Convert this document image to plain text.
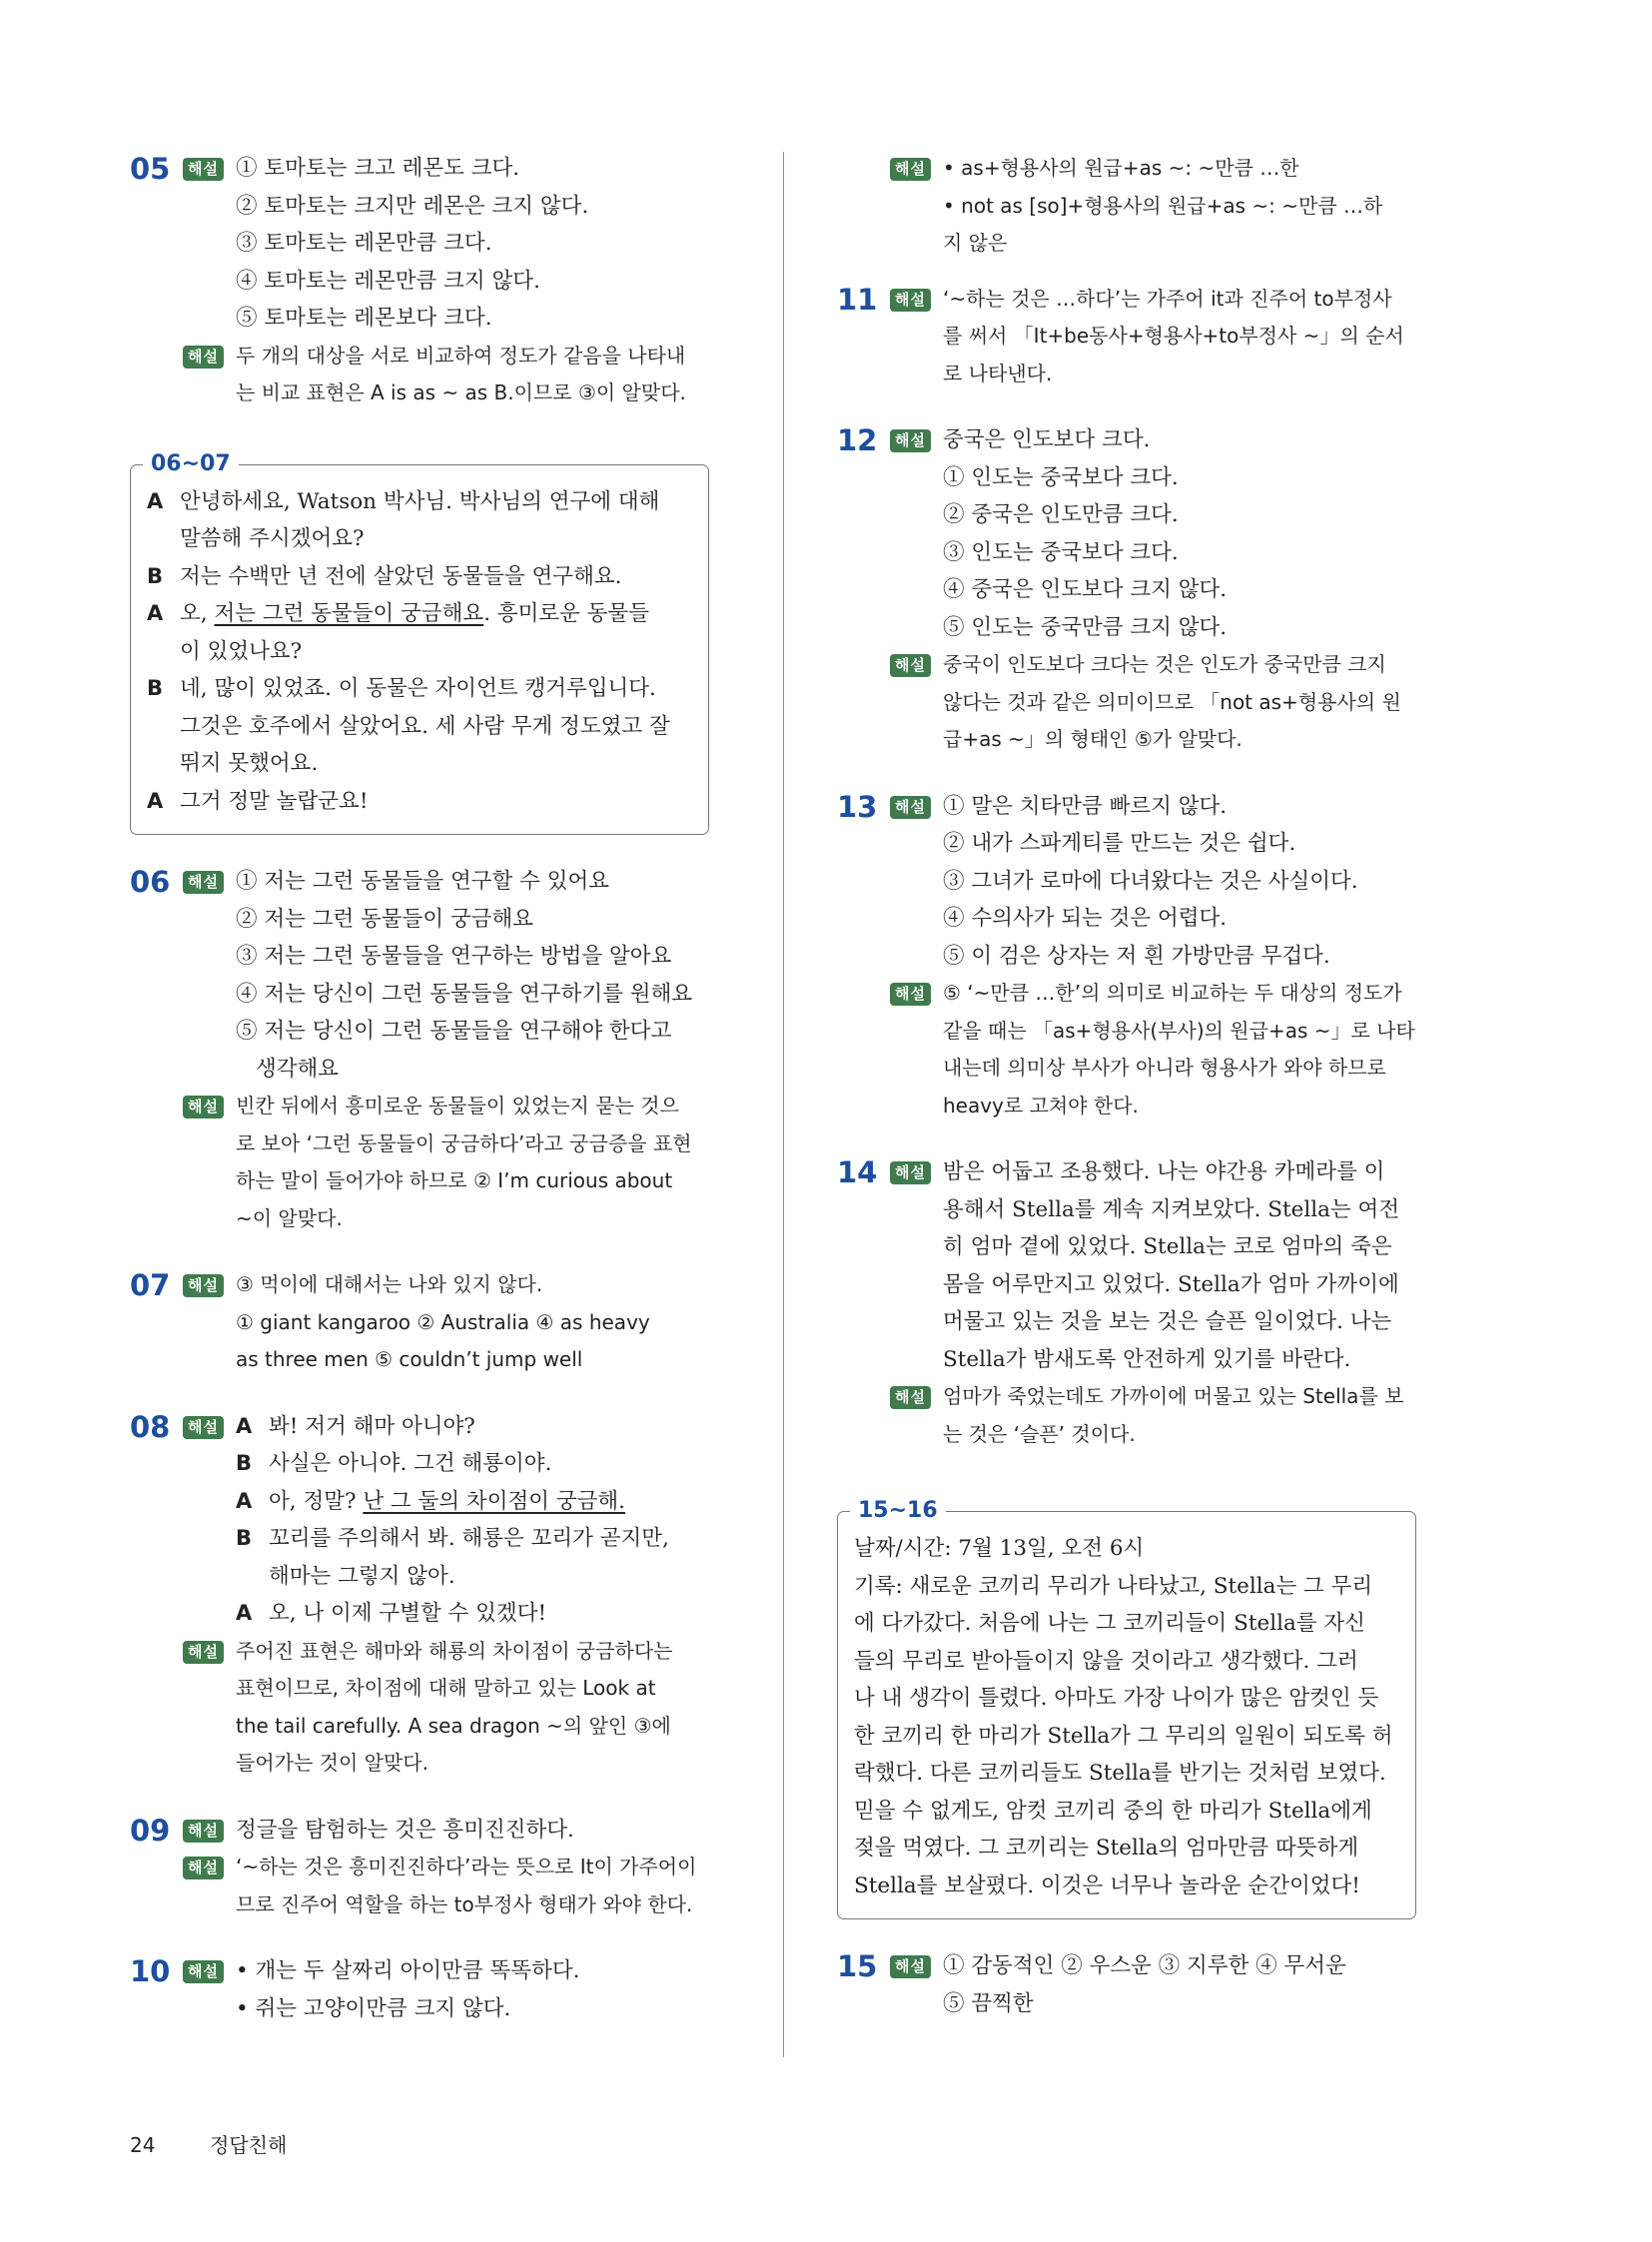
05	해설 ① 토마토는 크고 레몬도 크다.
② 토마토는 크지만 레몬은 크지 않다.
③ 토마토는 레몬만큼 크다.
④ 토마토는 레몬만큼 크지 않다.
⑤ 토마토는 레몬보다 크다.
해설 두 개의 대상을 서로 비교하여 정도가 같음을 나타내
는 비교 표현은 A is as ~ as B.이므로 ③이 알맞다.
06~07
A 안녕하세요, Watson 박사님. 박사님의 연구에 대해
말씀해 주시겠어요?
B 저는 수백만 년 전에 살았던 동물들을 연구해요.
A 오, 저는 그런 동물들이 궁금해요. 흥미로운 동물들
이 있었나요?
B 네, 많이 있었죠. 이 동물은 자이언트 캥거루입니다.
그것은 호주에서 살았어요. 세 사람 무게 정도였고 잘
뛰지 못했어요.
A 그거 정말 놀랍군요!
06	해설 ① 저는 그런 동물들을 연구할 수 있어요
② 저는 그런 동물들이 궁금해요
③ 저는 그런 동물들을 연구하는 방법을 알아요
④ 저는 당신이 그런 동물들을 연구하기를 원해요
⑤ 저는 당신이 그런 동물들을 연구해야 한다고
생각해요
해설 빈칸 뒤에서 흥미로운 동물들이 있었는지 묻는 것으
로 보아 ‘그런 동물들이 궁금하다’라고 궁금증을 표현
하는 말이 들어가야 하므로 ② I’m curious about
~이 알맞다.
07	해설 ③ 먹이에 대해서는 나와 있지 않다.
① giant kangaroo ② Australia ④ as heavy
as three men ⑤ couldn’t jump well
08	해설 A 봐! 저거 해마 아니야?
B 사실은 아니야. 그건 해룡이야.
A 아, 정말? 난 그 둘의 차이점이 궁금해.
B 꼬리를 주의해서 봐. 해룡은 꼬리가 곧지만,
해마는 그렇지 않아.
A 오, 나 이제 구별할 수 있겠다!
해설 주어진 표현은 해마와 해룡의 차이점이 궁금하다는
표현이므로, 차이점에 대해 말하고 있는 Look at
the tail carefully. A sea dragon ~의 앞인 ③에
들어가는 것이 알맞다.
09	해설 정글을 탐험하는 것은 흥미진진하다.
해설 ‘~하는 것은 흥미진진하다’라는 뜻으로 It이 가주어이
므로 진주어 역할을 하는 to부정사 형태가 와야 한다.
10	해설 • 개는 두 살짜리 아이만큼 똑똑하다.
• 쥐는 고양이만큼 크지 않다.
해설 • as+형용사의 원급+as ~: ~만큼 …한
• not as [so]+형용사의 원급+as ~: ~만큼 …하
지 않은
11	해설 ‘~하는 것은 …하다’는 가주어 it과 진주어 to부정사
를 써서 「It+be동사+형용사+to부정사 ~」의 순서
로 나타낸다.
12	해설 중국은 인도보다 크다.
① 인도는 중국보다 크다.
② 중국은 인도만큼 크다.
③ 인도는 중국보다 크다.
④ 중국은 인도보다 크지 않다.
⑤ 인도는 중국만큼 크지 않다.
해설 중국이 인도보다 크다는 것은 인도가 중국만큼 크지
않다는 것과 같은 의미이므로 「not as+형용사의 원
급+as ~」의 형태인 ⑤가 알맞다.
13	해설 ① 말은 치타만큼 빠르지 않다.
② 내가 스파게티를 만드는 것은 쉽다.
③ 그녀가 로마에 다녀왔다는 것은 사실이다.
④ 수의사가 되는 것은 어렵다.
⑤ 이 검은 상자는 저 흰 가방만큼 무겁다.
해설 ⑤ ‘~만큼 …한’의 의미로 비교하는 두 대상의 정도가
같을 때는 「as+형용사(부사)의 원급+as ~」로 나타
내는데 의미상 부사가 아니라 형용사가 와야 하므로
heavy로 고쳐야 한다.
14	해설 밤은 어둡고 조용했다. 나는 야간용 카메라를 이
용해서 Stella를 계속 지켜보았다. Stella는 여전
히 엄마 곁에 있었다. Stella는 코로 엄마의 죽은
몸을 어루만지고 있었다. Stella가 엄마 가까이에
머물고 있는 것을 보는 것은 슬픈 일이었다. 나는
Stella가 밤새도록 안전하게 있기를 바란다.
해설 엄마가 죽었는데도 가까이에 머물고 있는 Stella를 보
는 것은 ‘슬픈’ 것이다.
15~16

날짜/시간: 7월 13일, 오전 6시

기록: 새로운 코끼리 무리가 나타났고, Stella는 그 무리

에 다가갔다. 처음에 나는 그 코끼리들이 Stella를 자신

들의 무리로 받아들이지 않을 것이라고 생각했다. 그러

나 내 생각이 틀렸다. 아마도 가장 나이가 많은 암컷인 듯

한 코끼리 한 마리가 Stella가 그 무리의 일원이 되도록 허

락했다. 다른 코끼리들도 Stella를 반기는 것처럼 보였다.

믿을 수 없게도, 암컷 코끼리 중의 한 마리가 Stella에게

젖을 먹였다. 그 코끼리는 Stella의 엄마만큼 따뜻하게

Stella를 보살폈다. 이것은 너무나 놀라운 순간이었다!

15	해설 ① 감동적인 ② 우스운 ③ 지루한 ④ 무서운
⑤ 끔찍한
24	정답친해
